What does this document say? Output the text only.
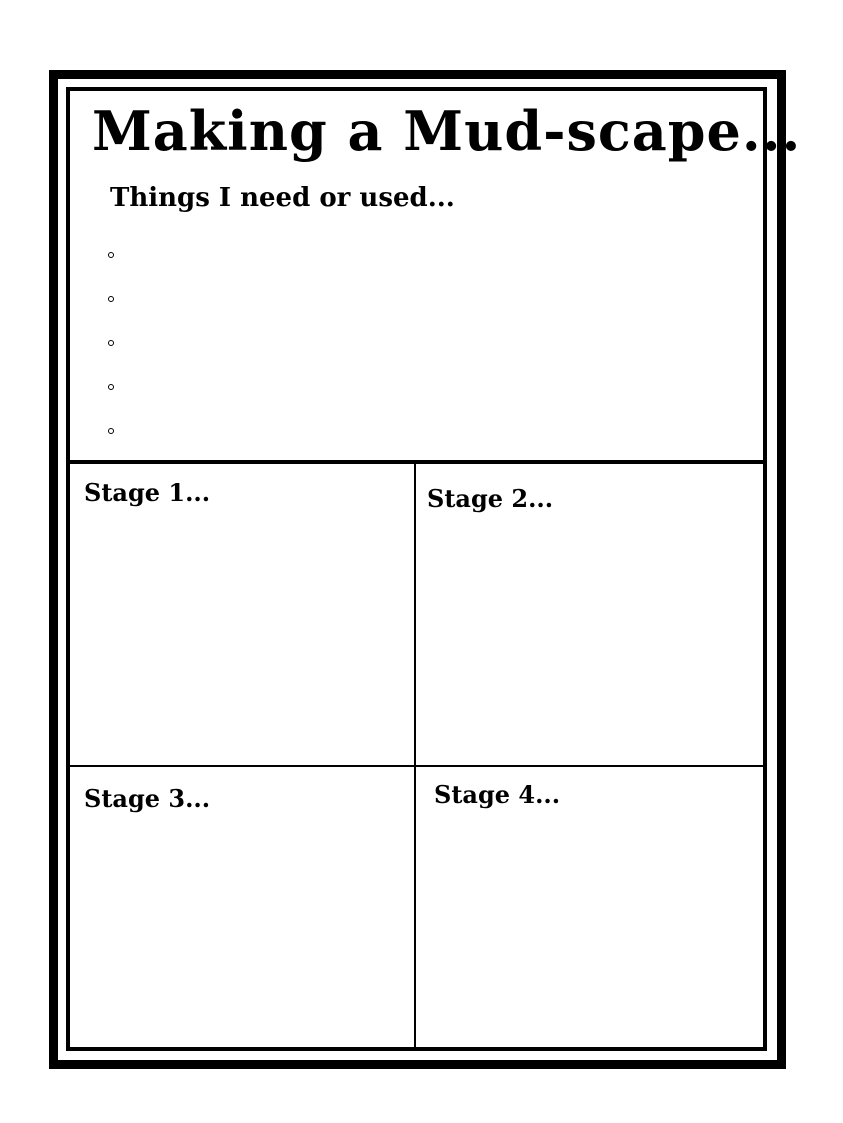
Making a Mud-scape...

Things I need or used...

Stage 1...	Stage 2...

Stage 3...	Stage 4...
